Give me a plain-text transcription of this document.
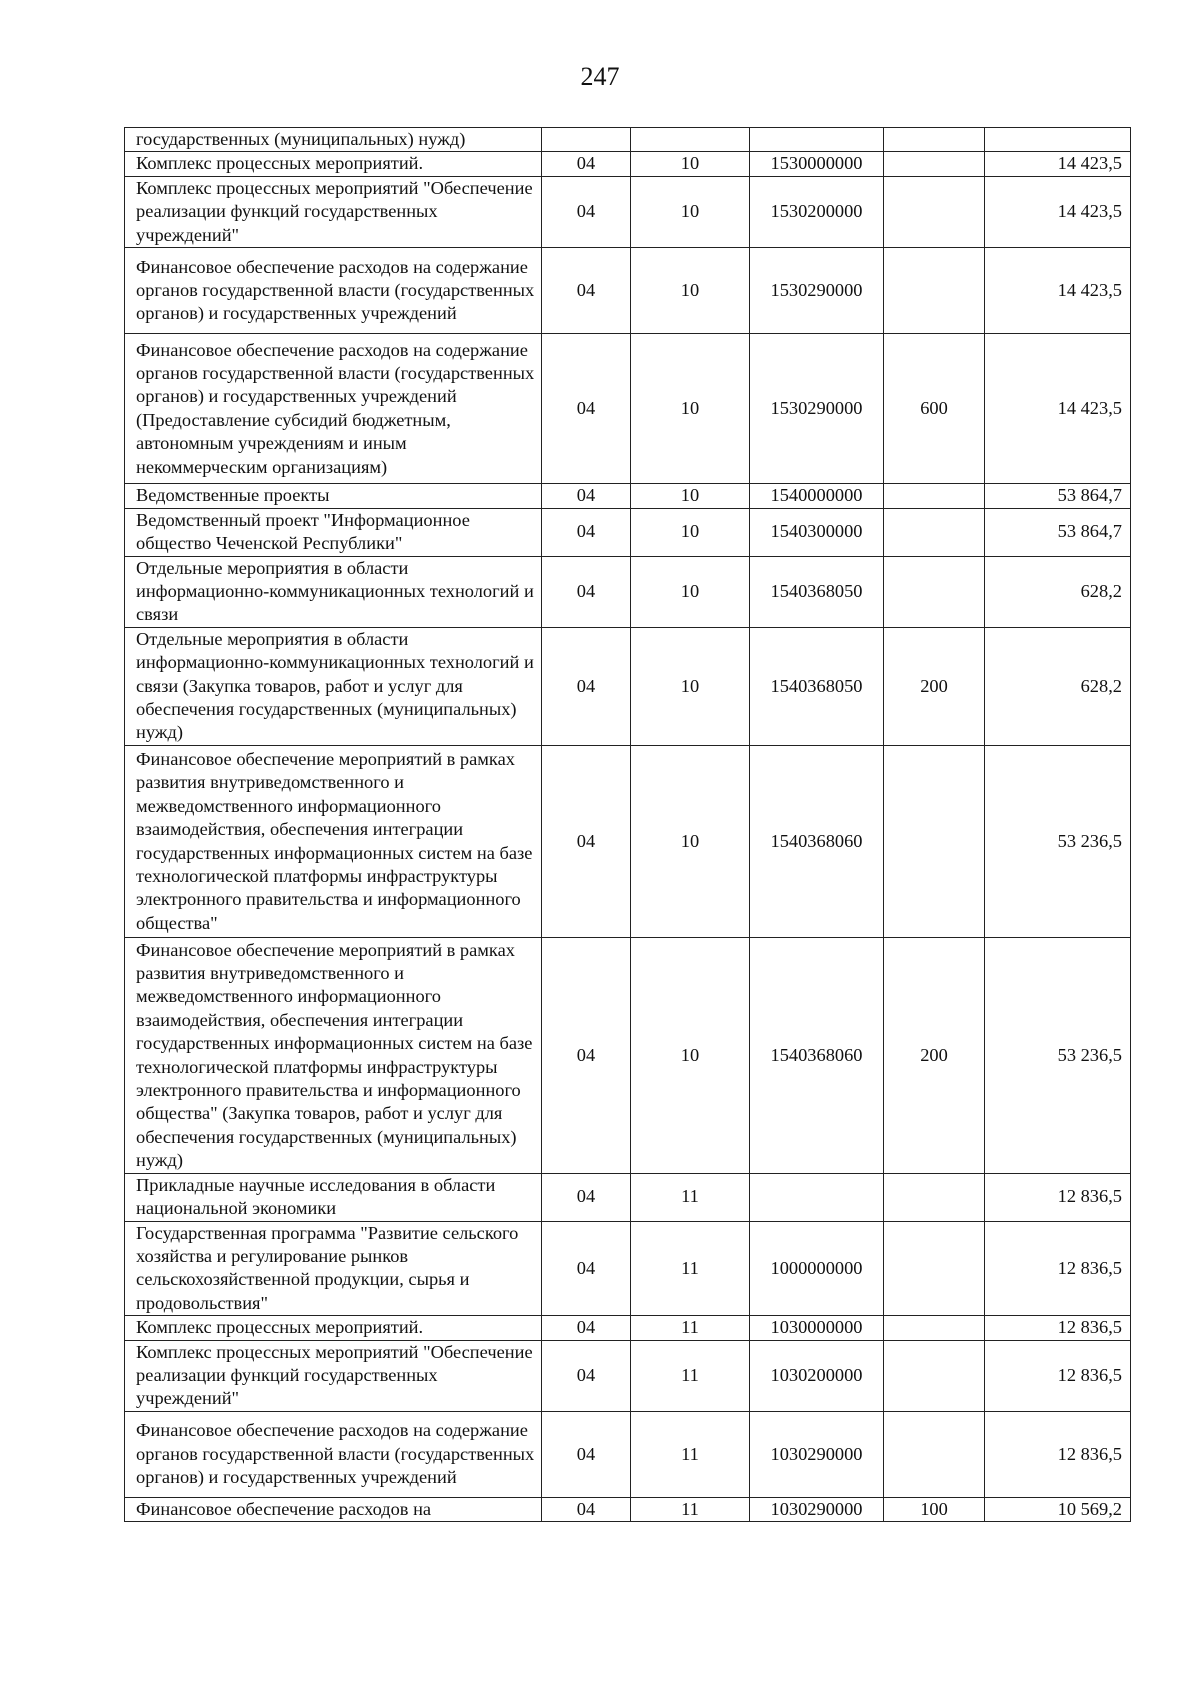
247
государственных (муниципальных) нужд)					
Комплекс процессных мероприятий.	04	10	1530000000		14 423,5
Комплекс процессных мероприятий "Обеспечение реализации функций государственных учреждений"	04	10	1530200000		14 423,5
Финансовое обеспечение расходов на содержание органов государственной власти (государственных органов) и государственных учреждений	04	10	1530290000		14 423,5
Финансовое обеспечение расходов на содержание органов государственной власти (государственных органов) и государственных учреждений (Предоставление субсидий бюджетным, автономным учреждениям и иным некоммерческим организациям)	04	10	1530290000	600	14 423,5
Ведомственные проекты	04	10	1540000000		53 864,7
Ведомственный проект "Информационное общество Чеченской Республики"	04	10	1540300000		53 864,7
Отдельные мероприятия в области информационно-коммуникационных технологий и связи	04	10	1540368050		628,2
Отдельные мероприятия в области информационно-коммуникационных технологий и связи (Закупка товаров, работ и услуг для обеспечения государственных (муниципальных) нужд)	04	10	1540368050	200	628,2
Финансовое обеспечение мероприятий в рамках развития внутриведомственного и межведомственного информационного взаимодействия, обеспечения интеграции государственных информационных систем на базе технологической платформы инфраструктуры электронного правительства и информационного общества"	04	10	1540368060		53 236,5
Финансовое обеспечение мероприятий в рамках развития внутриведомственного и межведомственного информационного взаимодействия, обеспечения интеграции государственных информационных систем на базе технологической платформы инфраструктуры электронного правительства и информационного общества" (Закупка товаров, работ и услуг для обеспечения государственных (муниципальных) нужд)	04	10	1540368060	200	53 236,5
Прикладные научные исследования в области национальной экономики	04	11			12 836,5
Государственная программа "Развитие сельского хозяйства и регулирование рынков сельскохозяйственной продукции, сырья и продовольствия"	04	11	1000000000		12 836,5
Комплекс процессных мероприятий.	04	11	1030000000		12 836,5
Комплекс процессных мероприятий "Обеспечение реализации функций государственных учреждений"	04	11	1030200000		12 836,5
Финансовое обеспечение расходов на содержание органов государственной власти (государственных органов) и государственных учреждений	04	11	1030290000		12 836,5
Финансовое обеспечение расходов на	04	11	1030290000	100	10 569,2
